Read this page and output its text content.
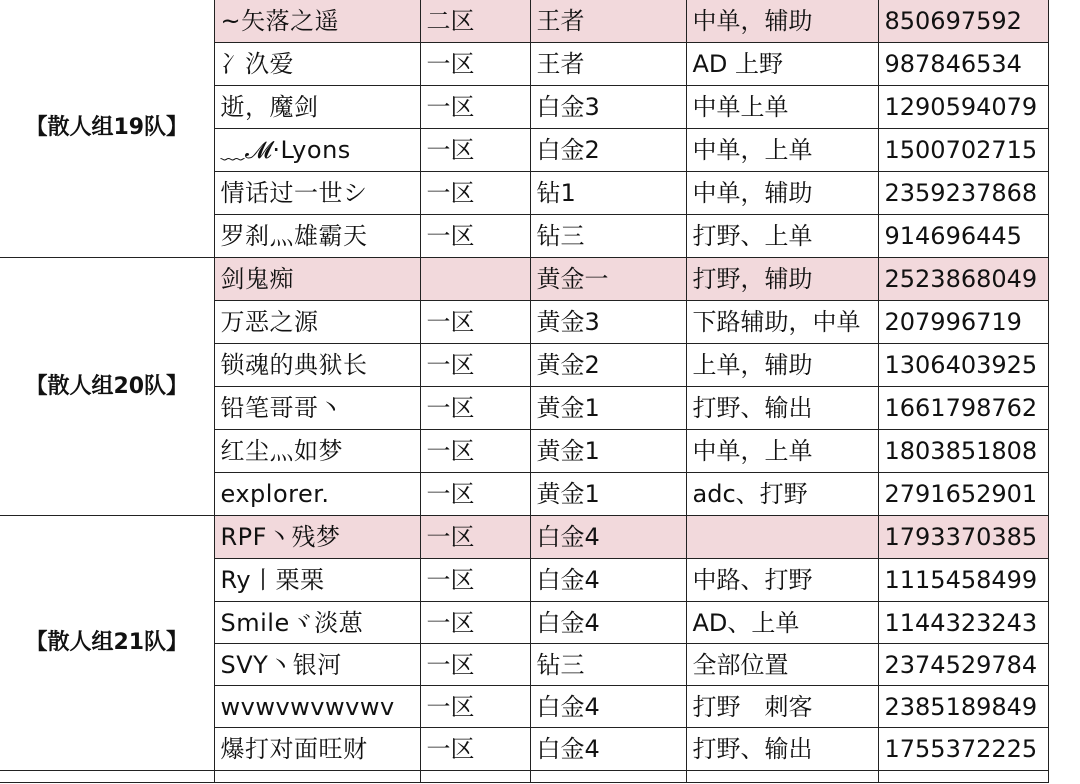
【散人组19队】	~矢落之遥	二区	王者	中单，辅助	850697592
	冫汣爱	一区	王者	AD 上野	987846534
	逝，魔剑	一区	白金3	中单上单	1290594079
	﹏𝓜·Lyons	一区	白金2	中单，上单	1500702715
	情话过一世シ	一区	钻1	中单，辅助	2359237868
	罗刹灬雄霸天	一区	钻三	打野、上单	914696445
【散人组20队】	剑鬼痴		黄金一	打野，辅助	2523868049
	万恶之源	一区	黄金3	下路辅助，中单	207996719
	锁魂的典狱长	一区	黄金2	上单，辅助	1306403925
	铅笔哥哥丶	一区	黄金1	打野、输出	1661798762
	红尘灬如梦	一区	黄金1	中单，上单	1803851808
	explorer.	一区	黄金1	adc、打野	2791652901
【散人组21队】	RPF丶残梦	一区	白金4		1793370385
	Ry丨栗栗	一区	白金4	中路、打野	1115458499
	Smileヾ淡葸	一区	白金4	AD、上单	1144323243
	SVY丶银河	一区	钻三	全部位置	2374529784
	wvwvwvwvwv	一区	白金4	打野　刺客	2385189849
	爆打对面旺财	一区	白金4	打野、输出	1755372225
